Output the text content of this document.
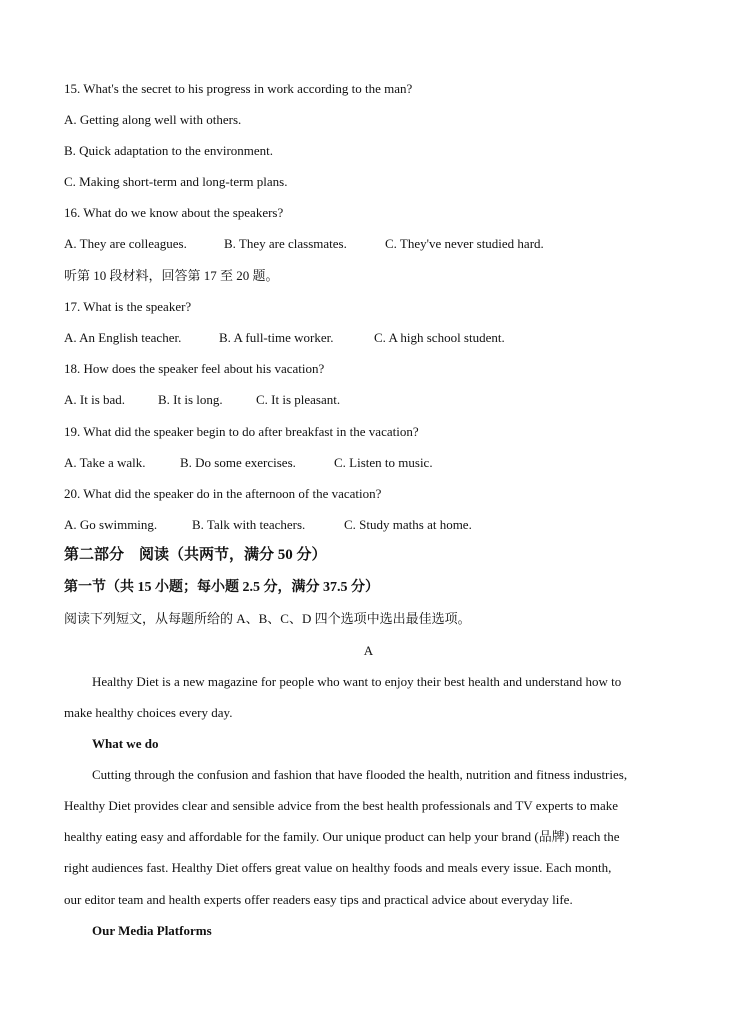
15. What's the secret to his progress in work according to the man?
A. Getting along well with others.
B. Quick adaptation to the environment.
C. Making short-term and long-term plans.
16. What do we know about the speakers?
A. They are colleagues.	B. They are classmates.	C. They've never studied hard.
听第 10 段材料，回答第 17 至 20 题。
17. What is the speaker?
A. An English teacher.	B. A full-time worker.	C. A high school student.
18. How does the speaker feel about his vacation?
A. It is bad.	B. It is long.	C. It is pleasant.
19. What did the speaker begin to do after breakfast in the vacation?
A. Take a walk.	B. Do some exercises.	C. Listen to music.
20. What did the speaker do in the afternoon of the vacation?
A. Go swimming.	B. Talk with teachers.	C. Study maths at home.
第二部分　阅读（共两节，满分 50 分）
第一节（共 15 小题；每小题 2.5 分，满分 37.5 分）
阅读下列短文，从每题所给的 A、B、C、D 四个选项中选出最佳选项。
A
Healthy Diet is a new magazine for people who want to enjoy their best health and understand how to
make healthy choices every day.
What we do
Cutting through the confusion and fashion that have flooded the health, nutrition and fitness industries,
Healthy Diet provides clear and sensible advice from the best health professionals and TV experts to make
healthy eating easy and affordable for the family. Our unique product can help your brand (品牌) reach the
right audiences fast. Healthy Diet offers great value on healthy foods and meals every issue. Each month,
our editor team and health experts offer readers easy tips and practical advice about everyday life.
Our Media Platforms
